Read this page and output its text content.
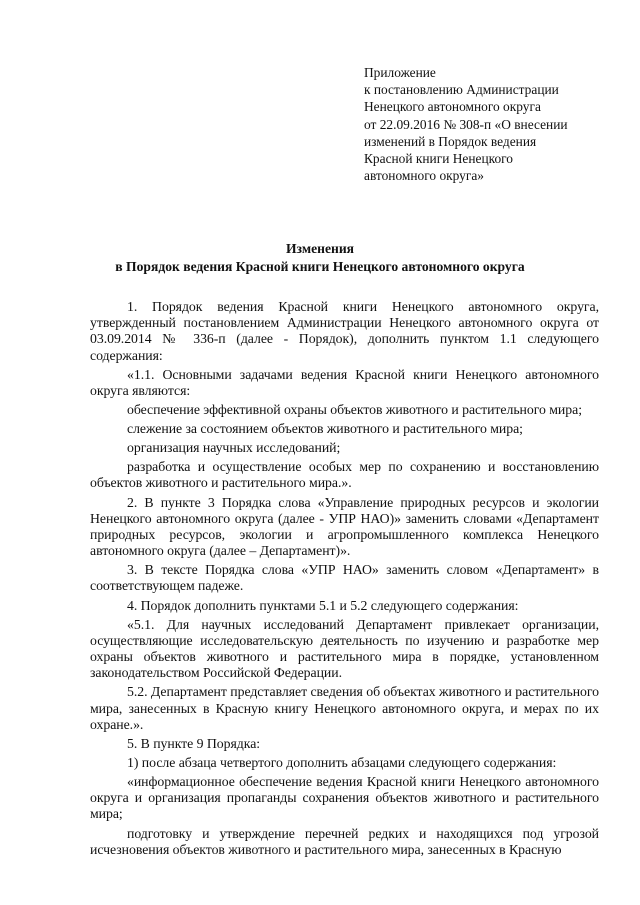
Приложение
к постановлению Администрации
Ненецкого автономного округа
от 22.09.2016 № 308-п «О внесении
изменений в Порядок ведения
Красной книги Ненецкого
автономного округа»
Изменения
в Порядок ведения Красной книги Ненецкого автономного округа

1. Порядок ведения Красной книги Ненецкого автономного округа, утвержденный постановлением Администрации Ненецкого автономного округа от 03.09.2014 № 336-п (далее - Порядок), дополнить пунктом 1.1 следующего содержания:

«1.1. Основными задачами ведения Красной книги Ненецкого автономного округа являются:

обеспечение эффективной охраны объектов животного и растительного мира;

слежение за состоянием объектов животного и растительного мира;

организация научных исследований;

разработка и осуществление особых мер по сохранению и восстановлению объектов животного и растительного мира.».

2. В пункте 3 Порядка слова «Управление природных ресурсов и экологии Ненецкого автономного округа (далее - УПР НАО)» заменить словами «Департамент природных ресурсов, экологии и агропромышленного комплекса Ненецкого автономного округа (далее – Департамент)».

3. В тексте Порядка слова «УПР НАО» заменить словом «Департамент» в соответствующем падеже.

4. Порядок дополнить пунктами 5.1 и 5.2 следующего содержания:

«5.1. Для научных исследований Департамент привлекает организации, осуществляющие исследовательскую деятельность по изучению и разработке мер охраны объектов животного и растительного мира в порядке, установленном законодательством Российской Федерации.

5.2. Департамент представляет сведения об объектах животного и растительного мира, занесенных в Красную книгу Ненецкого автономного округа, и мерах по их охране.».

5. В пункте 9 Порядка:

1) после абзаца четвертого дополнить абзацами следующего содержания:

«информационное обеспечение ведения Красной книги Ненецкого автономного округа и организация пропаганды сохранения объектов животного и растительного мира;

подготовку и утверждение перечней редких и находящихся под угрозой исчезновения объектов животного и растительного мира, занесенных в Красную
